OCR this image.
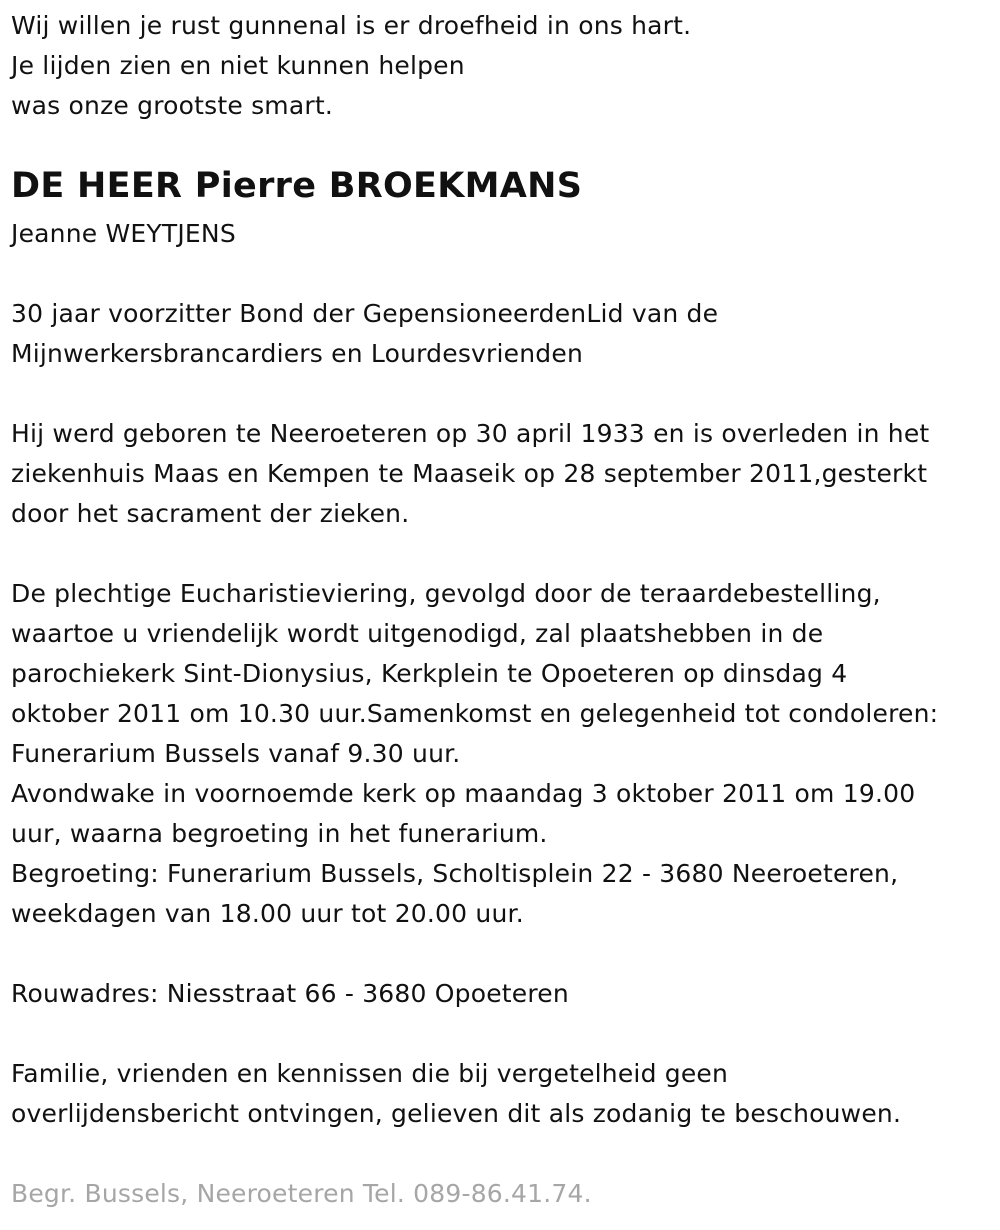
Wij willen je rust gunnenal is er droefheid in ons hart.
Je lijden zien en niet kunnen helpen
was onze grootste smart.
DE HEER Pierre BROEKMANS
Jeanne WEYTJENS
30 jaar voorzitter Bond der GepensioneerdenLid van de
Mijnwerkersbrancardiers en Lourdesvrienden
Hij werd geboren te Neeroeteren op 30 april 1933 en is overleden in het
ziekenhuis Maas en Kempen te Maaseik op 28 september 2011,gesterkt
door het sacrament der zieken.
De plechtige Eucharistieviering, gevolgd door de teraardebestelling,
waartoe u vriendelijk wordt uitgenodigd, zal plaatshebben in de
parochiekerk Sint-Dionysius, Kerkplein te Opoeteren op dinsdag 4
oktober 2011 om 10.30 uur.Samenkomst en gelegenheid tot condoleren:
Funerarium Bussels vanaf 9.30 uur.
Avondwake in voornoemde kerk op maandag 3 oktober 2011 om 19.00
uur, waarna begroeting in het funerarium.
Begroeting: Funerarium Bussels, Scholtisplein 22 - 3680 Neeroeteren,
weekdagen van 18.00 uur tot 20.00 uur.
Rouwadres: Niesstraat 66 - 3680 Opoeteren
Familie, vrienden en kennissen die bij vergetelheid geen
overlijdensbericht ontvingen, gelieven dit als zodanig te beschouwen.
Begr. Bussels, Neeroeteren Tel. 089-86.41.74.
